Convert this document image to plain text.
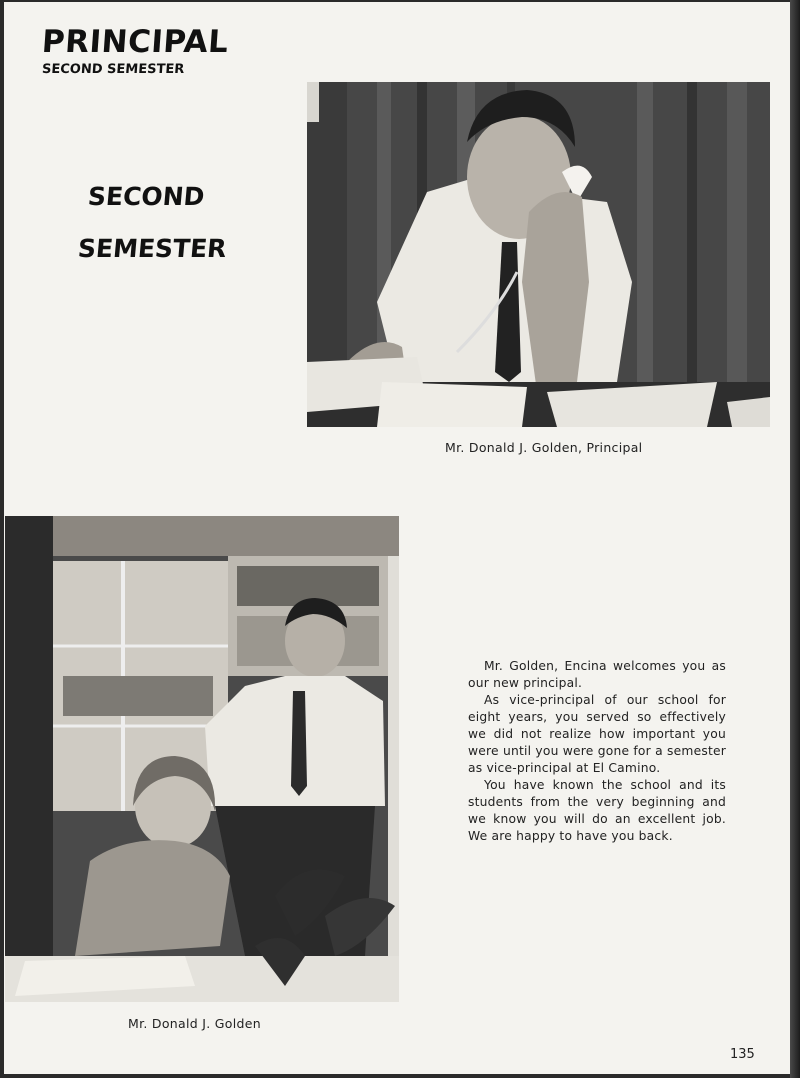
PRINCIPAL
SECOND SEMESTER
SECOND
SEMESTER
Mr. Donald J. Golden, Principal
Mr. Donald J. Golden

Mr. Golden, Encina welcomes you as our new principal.

As vice-principal of our school for eight years, you served so effectively we did not realize how important you were until you were gone for a semester as vice-principal at El Camino.

You have known the school and its students from the very beginning and we know you will do an excellent job. We are happy to have you back.

135
